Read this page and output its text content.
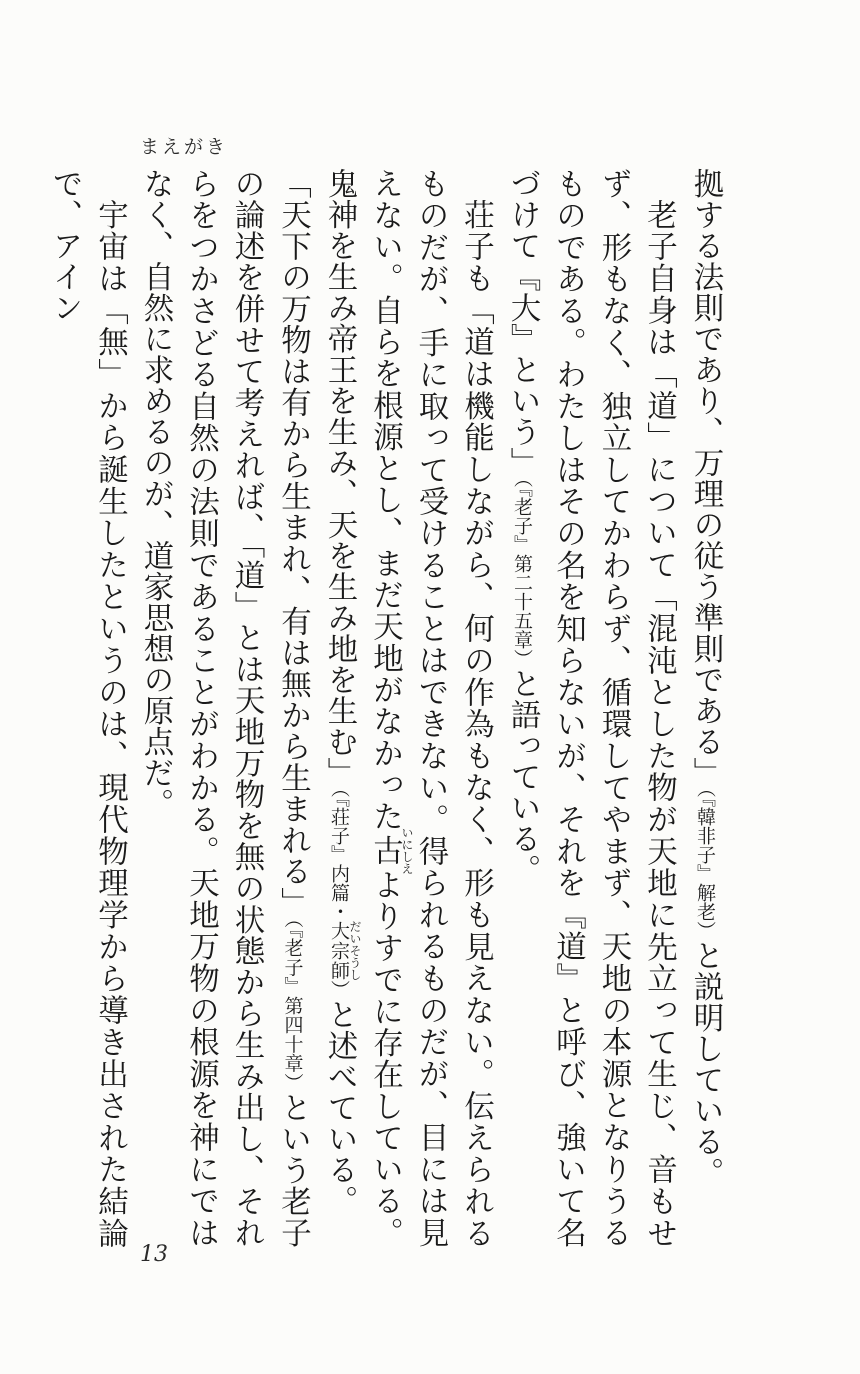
まえがき

拠する法則であり、万理の従う準則である」（『韓非子』解老）と説明している。

老子自身は「道」について「混沌とした物が天地に先立って生じ、音もせず、形もなく、独立してかわらず、循環してやまず、天地の本源となりうるものである。わたしはその名を知らないが、それを『道』と呼び、強いて名づけて『大』という」（『老子』第二十五章）と語っている。

荘子も「道は機能しながら、何の作為もなく、形も見えない。伝えられるものだが、手に取って受けることはできない。得られるものだが、目には見えない。自らを根源とし、まだ天地がなかった古いにしえよりすでに存在している。鬼神を生み帝王を生み、天を生み地を生む」（『荘子』内篇・大宗師だいそうし）と述べている。

「天下の万物は有から生まれ、有は無から生まれる」（『老子』第四十章）という老子の論述を併せて考えれば、「道」とは天地万物を無の状態から生み出し、それらをつかさどる自然の法則であることがわかる。天地万物の根源を神にではなく、自然に求めるのが、道家思想の原点だ。

宇宙は「無」から誕生したというのは、現代物理学から導き出された結論で、アイン

13
